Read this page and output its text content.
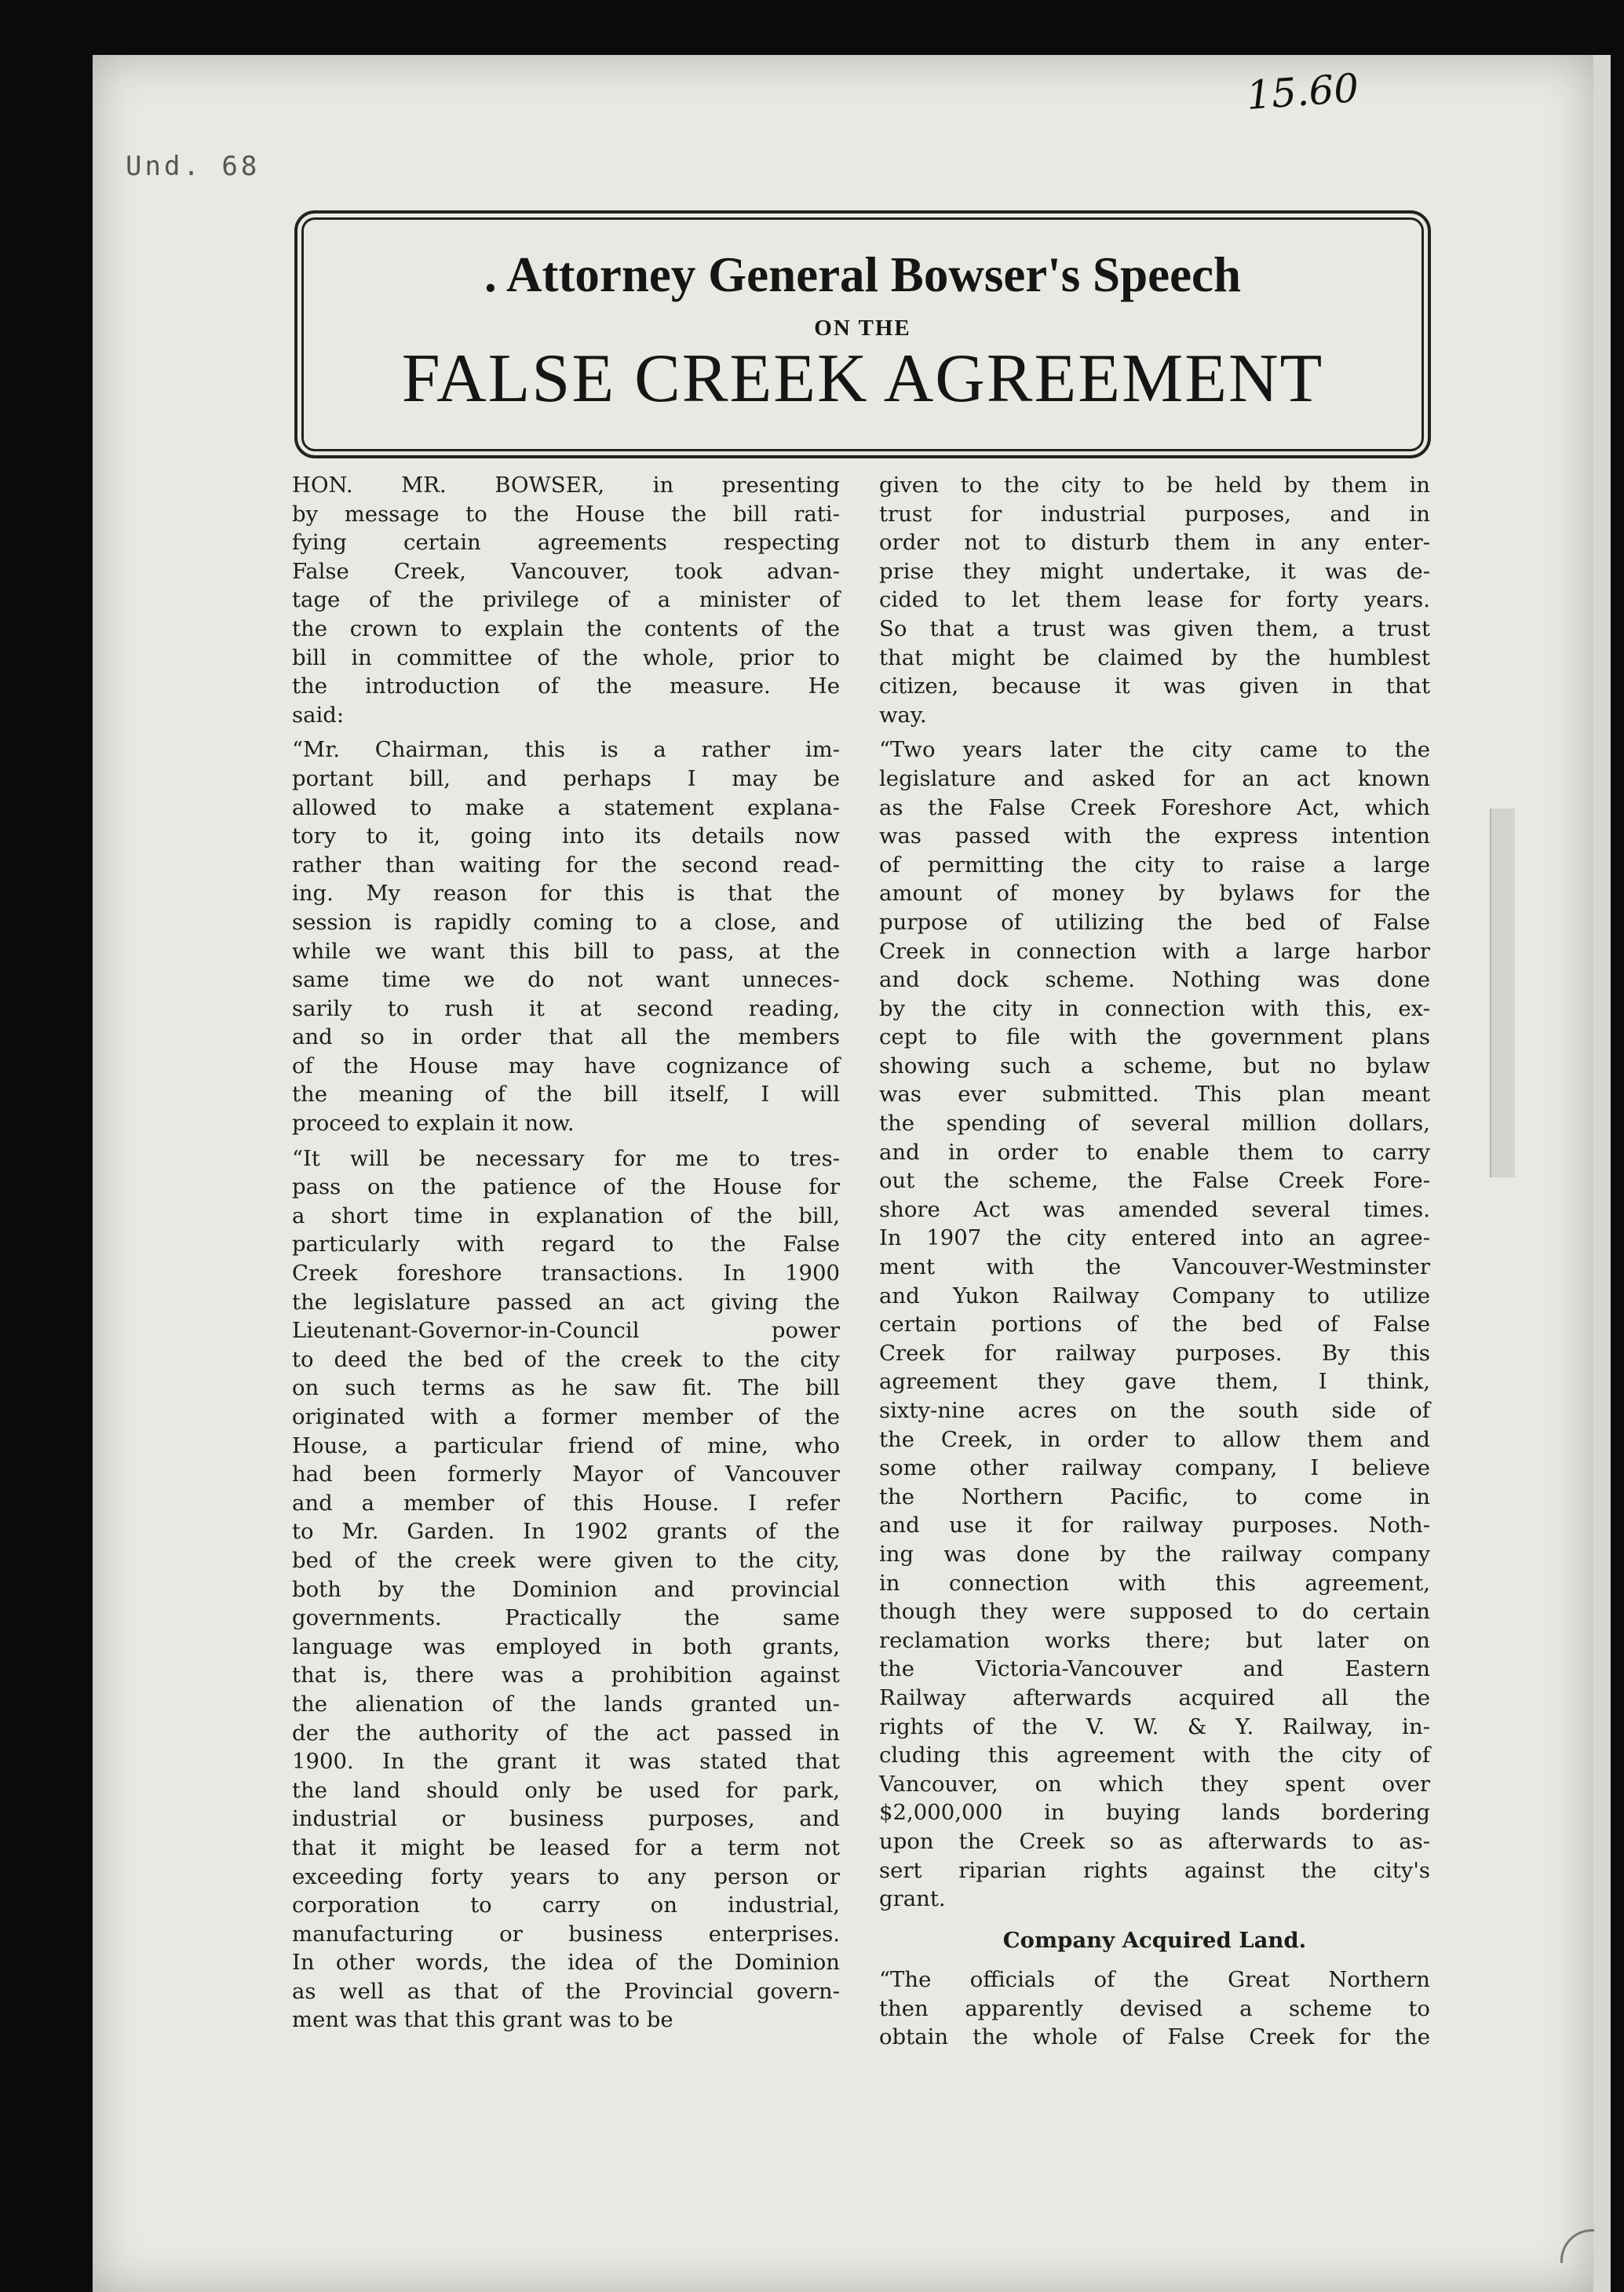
Und. 68
15.60
. Attorney General Bowser's Speech
ON THE
FALSE CREEK AGREEMENT

HON. MR. BOWSER, in presenting
by message to the House the bill rati-
fying certain agreements respecting
False Creek, Vancouver, took advan-
tage of the privilege of a minister of
the crown to explain the contents of the
bill in committee of the whole, prior to
the introduction of the measure. He
said:

“Mr. Chairman, this is a rather im-
portant bill, and perhaps I may be
allowed to make a statement explana-
tory to it, going into its details now
rather than waiting for the second read-
ing. My reason for this is that the
session is rapidly coming to a close, and
while we want this bill to pass, at the
same time we do not want unneces-
sarily to rush it at second reading,
and so in order that all the members
of the House may have cognizance of
the meaning of the bill itself, I will
proceed to explain it now.

“It will be necessary for me to tres-
pass on the patience of the House for
a short time in explanation of the bill,
particularly with regard to the False
Creek foreshore transactions. In 1900
the legislature passed an act giving the
Lieutenant-Governor-in-Council power
to deed the bed of the creek to the city
on such terms as he saw fit. The bill
originated with a former member of the
House, a particular friend of mine, who
had been formerly Mayor of Vancouver
and a member of this House. I refer
to Mr. Garden. In 1902 grants of the
bed of the creek were given to the city,
both by the Dominion and provincial
governments. Practically the same
language was employed in both grants,
that is, there was a prohibition against
the alienation of the lands granted un-
der the authority of the act passed in
1900. In the grant it was stated that
the land should only be used for park,
industrial or business purposes, and
that it might be leased for a term not
exceeding forty years to any person or
corporation to carry on industrial,
manufacturing or business enterprises.
In other words, the idea of the Dominion
as well as that of the Provincial govern-
ment was that this grant was to be

given to the city to be held by them in
trust for industrial purposes, and in
order not to disturb them in any enter-
prise they might undertake, it was de-
cided to let them lease for forty years.
So that a trust was given them, a trust
that might be claimed by the humblest
citizen, because it was given in that
way.

“Two years later the city came to the
legislature and asked for an act known
as the False Creek Foreshore Act, which
was passed with the express intention
of permitting the city to raise a large
amount of money by bylaws for the
purpose of utilizing the bed of False
Creek in connection with a large harbor
and dock scheme. Nothing was done
by the city in connection with this, ex-
cept to file with the government plans
showing such a scheme, but no bylaw
was ever submitted. This plan meant
the spending of several million dollars,
and in order to enable them to carry
out the scheme, the False Creek Fore-
shore Act was amended several times.
In 1907 the city entered into an agree-
ment with the Vancouver-Westminster
and Yukon Railway Company to utilize
certain portions of the bed of False
Creek for railway purposes. By this
agreement they gave them, I think,
sixty-nine acres on the south side of
the Creek, in order to allow them and
some other railway company, I believe
the Northern Pacific, to come in
and use it for railway purposes. Noth-
ing was done by the railway company
in connection with this agreement,
though they were supposed to do certain
reclamation works there; but later on
the Victoria-Vancouver and Eastern
Railway afterwards acquired all the
rights of the V. W. & Y. Railway, in-
cluding this agreement with the city of
Vancouver, on which they spent over
$2,000,000 in buying lands bordering
upon the Creek so as afterwards to as-
sert riparian rights against the city's
grant.

Company Acquired Land.

“The officials of the Great Northern
then apparently devised a scheme to
obtain the whole of False Creek for the
